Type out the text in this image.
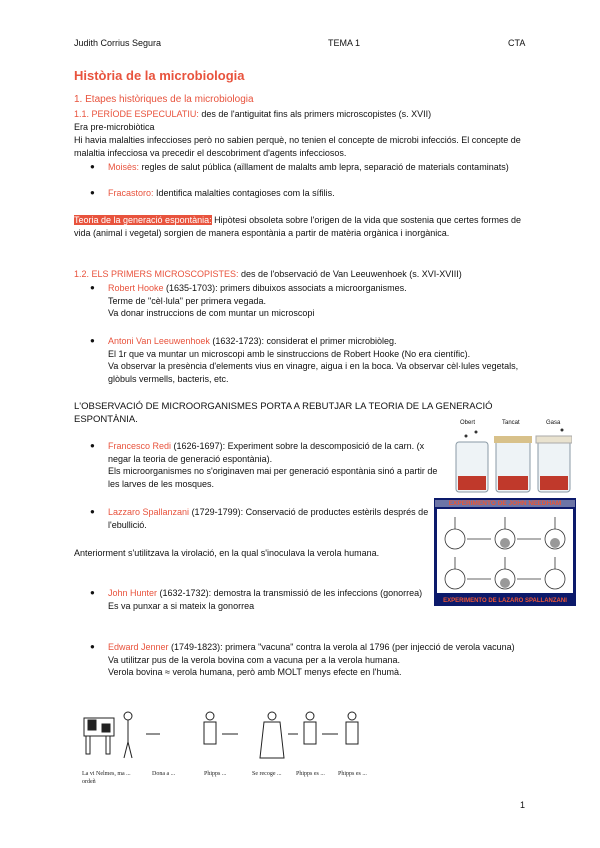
Judith Corrius Segura	TEMA 1	CTA
Història de la microbiologia
1. Etapes històriques de la microbiologia
1.1. PERÍODE ESPECULATIU: des de l'antiguitat fins als primers microscopistes (s. XVII)
Era pre-microbiòtica
Hi havia malalties infeccioses però no sabien perquè, no tenien el concepte de microbi infecciós. El concepte de malaltia infecciosa va precedir el descobriment d'agents infecciosos.
● Moisès: regles de salut pública (aïllament de malalts amb lepra, separació de materials contaminats)
● Fracastoro: Identifica malalties contagioses com la sífilis.
Teoria de la generació espontània: Hipòtesi obsoleta sobre l'origen de la vida que sostenia que certes formes de vida (animal i vegetal) sorgien de manera espontània a partir de matèria orgànica i inorgànica.
1.2. ELS PRIMERS MICROSCOPISTES: des de l'observació de Van Leeuwenhoek (s. XVI-XVIII)
● Robert Hooke (1635-1703): primers dibuixos associats a microorganismes.
Terme de "cèl·lula" per primera vegada.
Va donar instruccions de com muntar un microscopi
● Antoni Van Leeuwenhoek (1632-1723): considerat el primer microbiòleg.
El 1r que va muntar un microscopi amb le sinstruccions de Robert Hooke (No era científic).
Va observar la presència d'elements vius en vinagre, aigua i en la boca. Va observar cèl·lules vegetals, glòbuls vermells, bacteris, etc.
L'OBSERVACIÓ DE MICROORGANISMES PORTA A REBUTJAR LA TEORIA DE LA GENERACIÓ ESPONTÀNIA.
● Francesco Redi (1626-1697): Experiment sobre la descomposició de la carn. (x negar la teoria de generació espontània).
Els microorganismes no s'originaven mai per generació espontània sinó a partir de les larves de les mosques.
● Lazzaro Spallanzani (1729-1799): Conservació de productes estèrils després de l'ebullició.
Anteriorment s'utilitzava la virolació, en la qual s'inoculava la verola humana.
● John Hunter (1632-1732): demostra la transmissió de les infeccions (gonorrea)
Es va punxar a si mateix la gonorrea
● Edward Jenner (1749-1823): primera "vacuna" contra la verola al 1796 (per injecció de verola vacuna)
Va utilitzar pus de la verola bovina com a vacuna per a la verola humana.
Verola bovina ≈ verola humana, però amb MOLT menys efecte en l'humà.
Obert	Tancat	Gasa
EXPERIMENTO DE JOHN NEEDHAM
EXPERIMENTO DE LAZARO SPALLANZANI
La vi Nelmes, ma ... ordeñ
Dona a ...	Phipps ...	Se recoge ...	Phipps es ...	Phipps es ...
1
